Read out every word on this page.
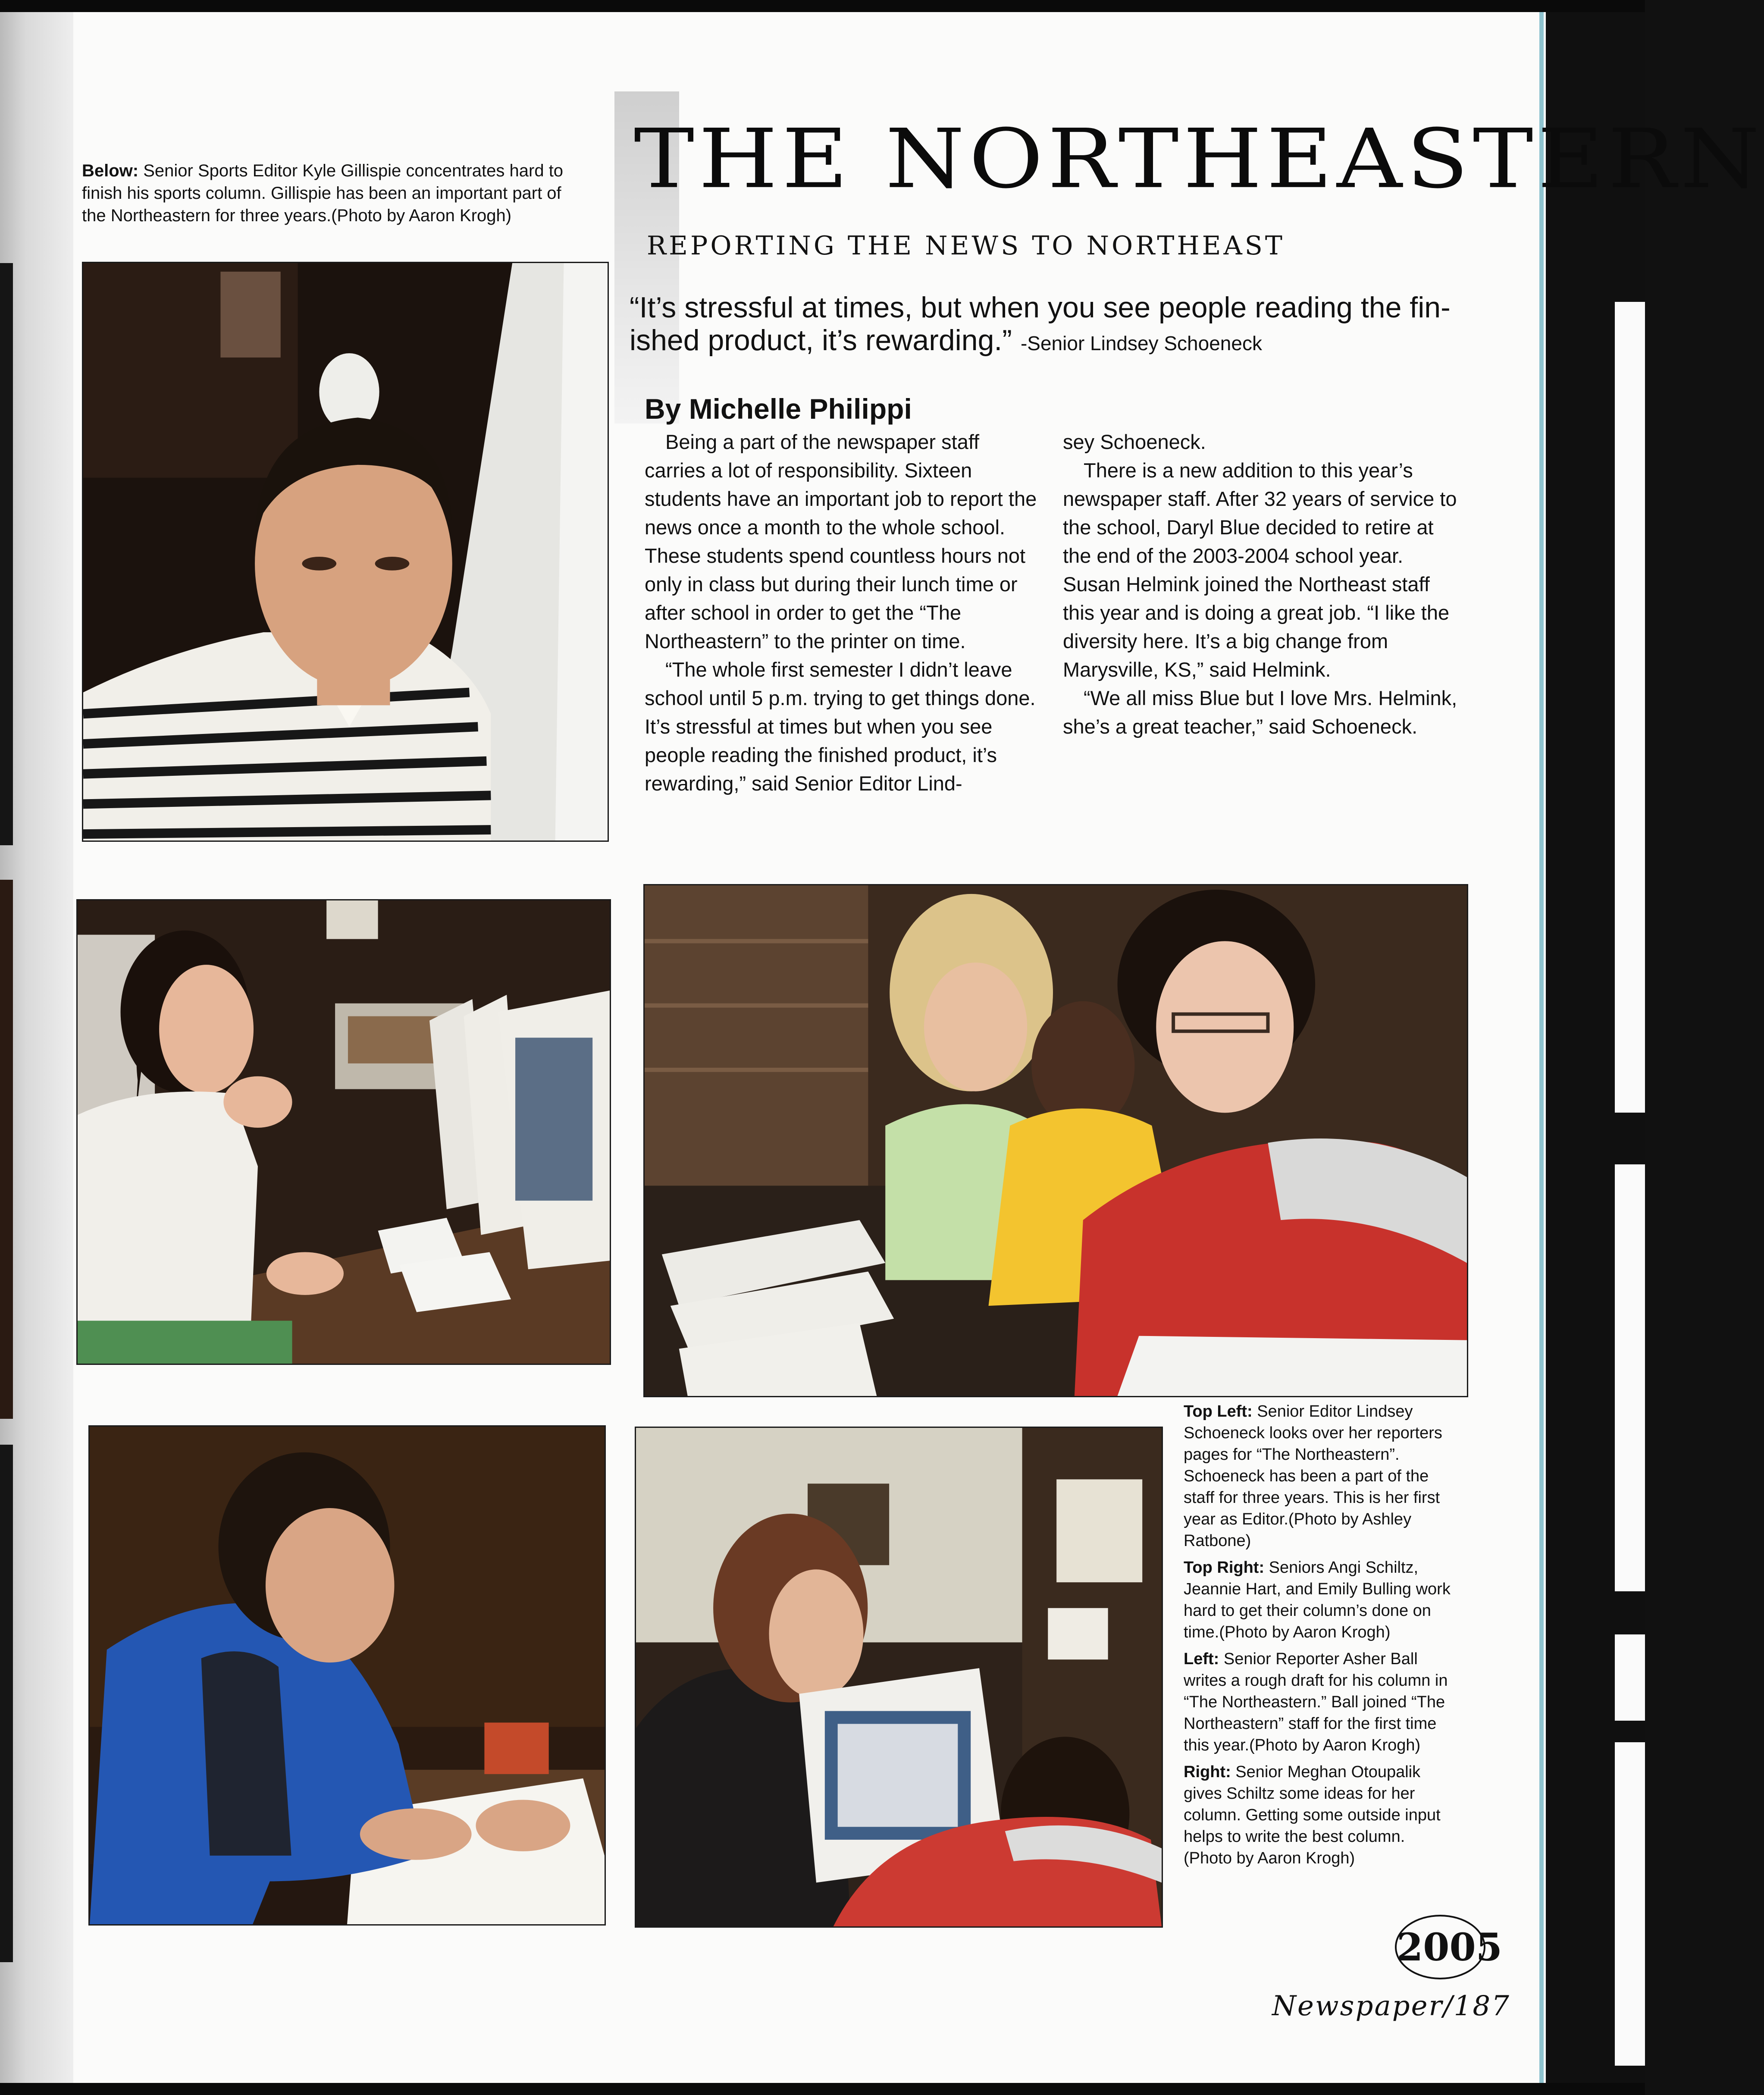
Below: Senior Sports Editor Kyle Gillispie concentrates hard to finish his sports column. Gillispie has been an important part of the Northeastern for three years.(Photo by Aaron Krogh)
THE NORTHEASTERN
REPORTING THE NEWS TO NORTHEAST
“It’s stressful at times, but when you see people reading the fin-ished product, it’s rewarding.” -Senior Lindsey Schoeneck
By Michelle Philippi

Being a part of the newspaper staff carries a lot of responsibility. Sixteen students have an important job to report the news once a month to the whole school. These students spend countless hours not only in class but during their lunch time or after school in order to get the “The Northeastern” to the printer on time.

“The whole first semester I didn’t leave school until 5 p.m. trying to get things done. It’s stressful at times but when you see people reading the finished product, it’s rewarding,” said Senior Editor Lind-

sey Schoeneck.

There is a new addition to this year’s newspaper staff. After 32 years of service to the school, Daryl Blue decided to retire at the end of the 2003-2004 school year. Susan Helmink joined the Northeast staff this year and is doing a great job. “I like the diversity here. It’s a big change from Marysville, KS,” said Helmink.

“We all miss Blue but I love Mrs. Helmink, she’s a great teacher,” said Schoeneck.

Top Left: Senior Editor Lindsey Schoeneck looks over her reporters pages for “The Northeastern”. Schoeneck has been a part of the staff for three years. This is her first year as Editor.(Photo by Ashley Ratbone)
Top Right: Seniors Angi Schiltz, Jeannie Hart, and Emily Bulling work hard to get their column’s done on time.(Photo by Aaron Krogh)
Left: Senior Reporter Asher Ball writes a rough draft for his column in “The Northeastern.” Ball joined “The Northeastern” staff for the first time this year.(Photo by Aaron Krogh)
Right: Senior Meghan Otoupalik gives Schiltz some ideas for her column. Getting some outside input helps to write the best column.(Photo by Aaron Krogh)
2005
Newspaper/187
